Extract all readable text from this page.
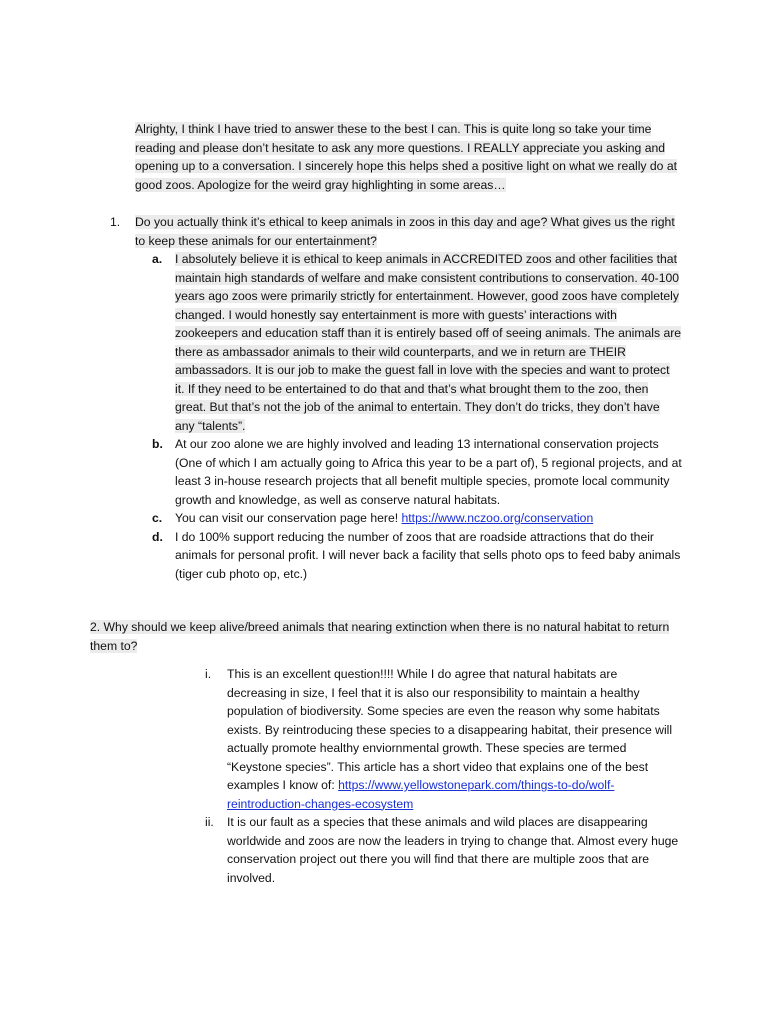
Alrighty, I think I have tried to answer these to the best I can. This is quite long so take your time reading and please don’t hesitate to ask any more questions. I REALLY appreciate you asking and opening up to a conversation. I sincerely hope this helps shed a positive light on what we really do at good zoos. Apologize for the weird gray highlighting in some areas…
1.	Do you actually think it’s ethical to keep animals in zoos in this day and age? What gives us the right to keep these animals for our entertainment?
a. I absolutely believe it is ethical to keep animals in ACCREDITED zoos and other facilities that maintain high standards of welfare and make consistent contributions to conservation. 40-100 years ago zoos were primarily strictly for entertainment. However, good zoos have completely changed. I would honestly say entertainment is more with guests’ interactions with zookeepers and education staff than it is entirely based off of seeing animals. The animals are there as ambassador animals to their wild counterparts, and we in return are THEIR ambassadors. It is our job to make the guest fall in love with the species and want to protect it. If they need to be entertained to do that and that’s what brought them to the zoo, then great. But that’s not the job of the animal to entertain. They don’t do tricks, they don’t have any “talents”.
b. At our zoo alone we are highly involved and leading 13 international conservation projects (One of which I am actually going to Africa this year to be a part of), 5 regional projects, and at least 3 in-house research projects that all benefit multiple species, promote local community growth and knowledge, as well as conserve natural habitats.
c. You can visit our conservation page here! https://www.nczoo.org/conservation
d. I do 100% support reducing the number of zoos that are roadside attractions that do their animals for personal profit. I will never back a facility that sells photo ops to feed baby animals (tiger cub photo op, etc.)
2. Why should we keep alive/breed animals that nearing extinction when there is no natural habitat to return them to?
i. This is an excellent question!!!! While I do agree that natural habitats are decreasing in size, I feel that it is also our responsibility to maintain a healthy population of biodiversity. Some species are even the reason why some habitats exists. By reintroducing these species to a disappearing habitat, their presence will actually promote healthy enviornmental growth. These species are termed “Keystone species”. This article has a short video that explains one of the best examples I know of: https://www.yellowstonepark.com/things-to-do/wolf-reintroduction-changes-ecosystem
ii. It is our fault as a species that these animals and wild places are disappearing worldwide and zoos are now the leaders in trying to change that. Almost every huge conservation project out there you will find that there are multiple zoos that are involved.
